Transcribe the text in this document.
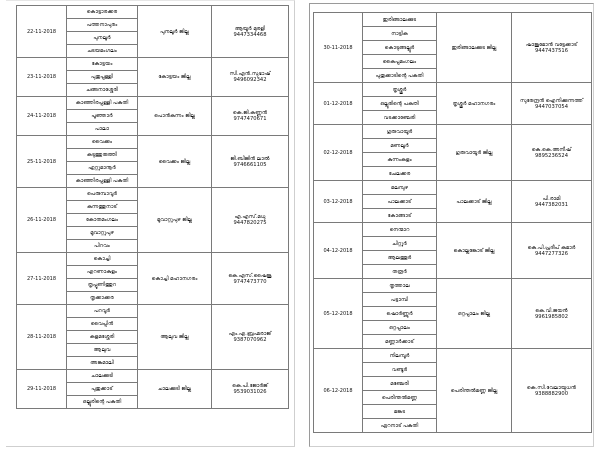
22-11-2018	കൊട്ടാരക്കര	പുനലൂർ ജില്ല	ആയൂർ മുരളി
9447334468

	പത്തനാപുരം		
	പുനലൂർ		
	ചടയമംഗലം		
23-11-2018	കോട്ടയം	കോട്ടയം ജില്ല	സി.എൻ.സുഭാഷ്
9496092342

	പുതുപ്പള്ളി		
	ചങ്ങനാശ്ശേരി		
24-11-2018	കാഞ്ഞിരപ്പള്ളി പകുതി	പൊൻകുന്നം ജില്ല	കെ.ജി.കണ്ണൻ
9747470671

	പൂഞ്ഞാർ		
	പാലാ		
25-11-2018	വൈക്കം	വൈക്കം ജില്ല	ജി.ബിജിൻ ലാൽ
9746661105

	കടുത്തുരുത്തി		
	ഏറ്റുമാനൂർ		
	കാഞ്ഞിരപ്പള്ളി പകുതി		
26-11-2018	പെരുമ്പാവൂർ	മൂവാറ്റുപുഴ ജില്ല	എ.എസ്.മധു
9447820275

	കുന്നത്തുനാട്		
	കോതമംഗലം		
	മൂവാറ്റുപുഴ		
	പിറവം		
27-11-2018	കൊച്ചി	കൊച്ചി മഹാനഗരം	കെ.എസ്.ഷൈജു
9747473770

	എറണാകുളം		
	തൃപ്പൂണിത്തുറ		
	തൃക്കാക്കര		
28-11-2018	പറവൂർ	ആലുവ ജില്ല	എം.എ.ബ്രഹ്മരാജ്
9387070962

	വൈപ്പിൻ		
	കളമശ്ശേരി		
	ആലുവ		
	അങ്കമാലി		
29-11-2018	ചാലക്കുടി	ചാലക്കുടി ജില്ല	കെ.പി.ജോർജ്
9539031026

	പുതുക്കാട്		
	ഒല്ലൂരിന്റെ പകുതി		
30-11-2018	ഇരിങ്ങാലക്കുട	ഇരിങ്ങാലക്കുട ജില്ല	ഷാജുമോൻ വട്ടേക്കാട്
9447437516

	നാട്ടിക		
	കൊടുങ്ങല്ലൂർ		
	കൈപ്പമംഗലം		
	പുതുക്കാടിന്റെ പകുതി		
01-12-2018	തൃശ്ശൂർ	തൃശ്ശൂർ മഹാനഗരം	സുരേന്ദ്രൻ ഐനിക്കുന്നത്ത്
9447037054

	ഒല്ലൂരിന്റെ പകുതി		
	വടക്കാഞ്ചേരി		
02-12-2018	ഗുരുവായൂർ	ഗുരുവായൂർ ജില്ല	കെ.കെ.അനീഷ്
9895236524

	മണലൂർ		
	കുന്നംകുളം		
	ചേലക്കര		
03-12-2018	മലമ്പുഴ	പാലക്കാട് ജില്ല	പി.രാമി
9447382031

	പാലക്കാട്		
	കോങ്ങാട്		
04-12-2018	നെന്മാറ	കൊല്ലങ്കോട് ജില്ല	കെ.പി.പ്രദീപ് കുമാർ
9447277326

	ചിറ്റൂർ		
	ആലത്തൂർ		
	തരൂർ		
05-12-2018	തൃത്താല	ഒറ്റപ്പാലം ജില്ല	കെ.വി.ജയൻ
9961985802

	പട്ടാമ്പി		
	ഷൊർണ്ണൂർ		
	ഒറ്റപ്പാലം		
	മണ്ണാർക്കാട്		
06-12-2018	നിലമ്പൂർ	പെരിന്തൽമണ്ണ ജില്ല	കെ.സി.വേലായുധൻ
9388882900

	വണ്ടൂർ		
	മഞ്ചേരി		
	പെരിന്തൽമണ്ണ		
	മങ്കട		
	ഏറനാട് പകുതി		
